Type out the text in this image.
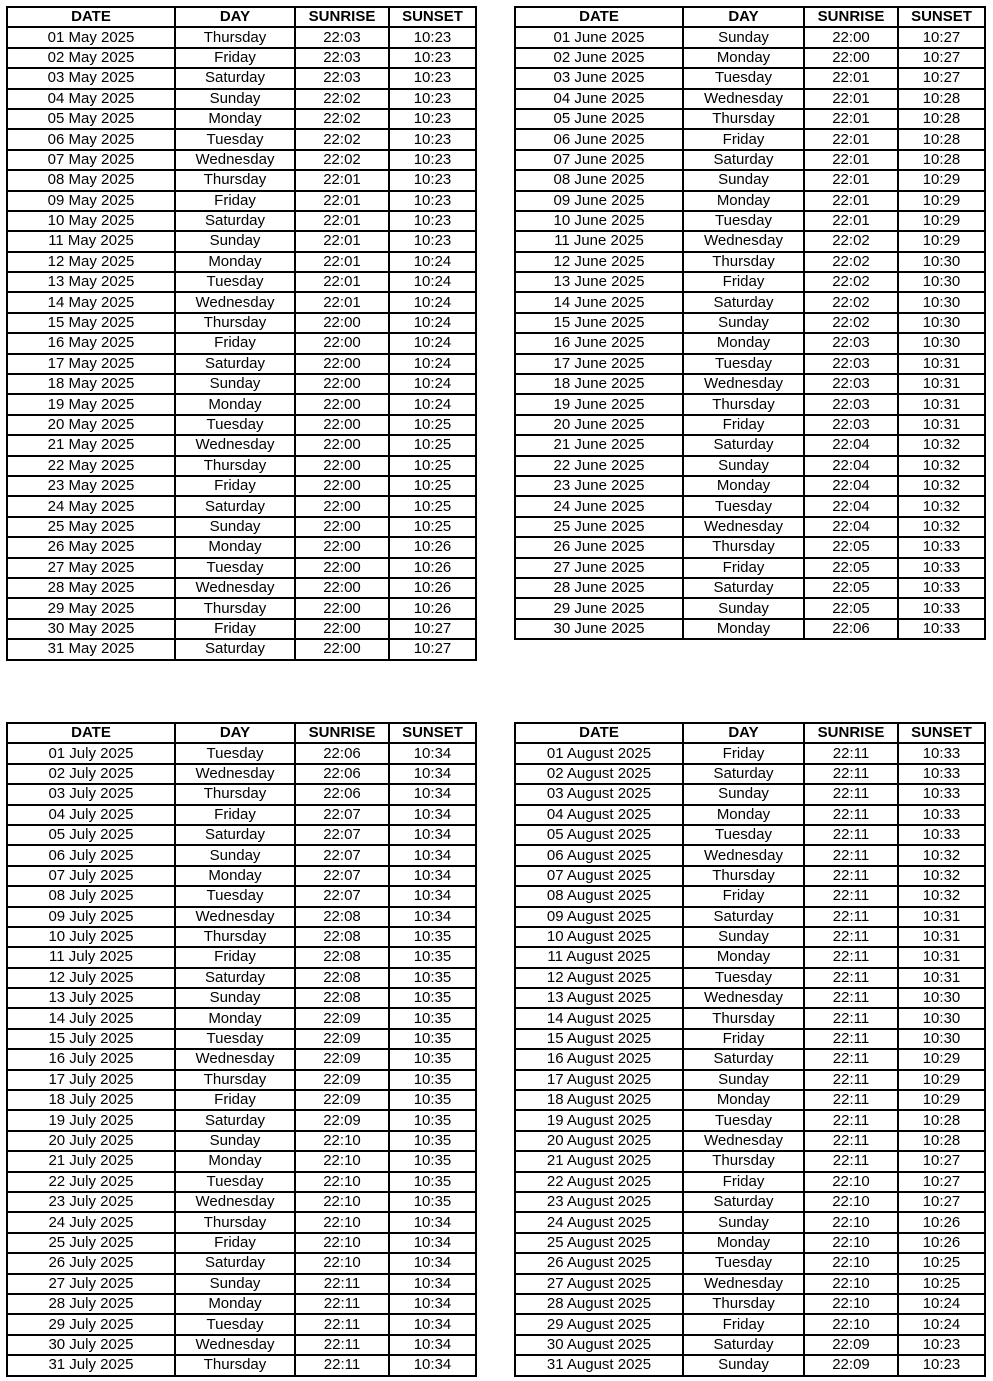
DATE	DAY	SUNRISE	SUNSET
01 May 2025	Thursday	22:03	10:23
02 May 2025	Friday	22:03	10:23
03 May 2025	Saturday	22:03	10:23
04 May 2025	Sunday	22:02	10:23
05 May 2025	Monday	22:02	10:23
06 May 2025	Tuesday	22:02	10:23
07 May 2025	Wednesday	22:02	10:23
08 May 2025	Thursday	22:01	10:23
09 May 2025	Friday	22:01	10:23
10 May 2025	Saturday	22:01	10:23
11 May 2025	Sunday	22:01	10:23
12 May 2025	Monday	22:01	10:24
13 May 2025	Tuesday	22:01	10:24
14 May 2025	Wednesday	22:01	10:24
15 May 2025	Thursday	22:00	10:24
16 May 2025	Friday	22:00	10:24
17 May 2025	Saturday	22:00	10:24
18 May 2025	Sunday	22:00	10:24
19 May 2025	Monday	22:00	10:24
20 May 2025	Tuesday	22:00	10:25
21 May 2025	Wednesday	22:00	10:25
22 May 2025	Thursday	22:00	10:25
23 May 2025	Friday	22:00	10:25
24 May 2025	Saturday	22:00	10:25
25 May 2025	Sunday	22:00	10:25
26 May 2025	Monday	22:00	10:26
27 May 2025	Tuesday	22:00	10:26
28 May 2025	Wednesday	22:00	10:26
29 May 2025	Thursday	22:00	10:26
30 May 2025	Friday	22:00	10:27
31 May 2025	Saturday	22:00	10:27
DATE	DAY	SUNRISE	SUNSET
01 June 2025	Sunday	22:00	10:27
02 June 2025	Monday	22:00	10:27
03 June 2025	Tuesday	22:01	10:27
04 June 2025	Wednesday	22:01	10:28
05 June 2025	Thursday	22:01	10:28
06 June 2025	Friday	22:01	10:28
07 June 2025	Saturday	22:01	10:28
08 June 2025	Sunday	22:01	10:29
09 June 2025	Monday	22:01	10:29
10 June 2025	Tuesday	22:01	10:29
11 June 2025	Wednesday	22:02	10:29
12 June 2025	Thursday	22:02	10:30
13 June 2025	Friday	22:02	10:30
14 June 2025	Saturday	22:02	10:30
15 June 2025	Sunday	22:02	10:30
16 June 2025	Monday	22:03	10:30
17 June 2025	Tuesday	22:03	10:31
18 June 2025	Wednesday	22:03	10:31
19 June 2025	Thursday	22:03	10:31
20 June 2025	Friday	22:03	10:31
21 June 2025	Saturday	22:04	10:32
22 June 2025	Sunday	22:04	10:32
23 June 2025	Monday	22:04	10:32
24 June 2025	Tuesday	22:04	10:32
25 June 2025	Wednesday	22:04	10:32
26 June 2025	Thursday	22:05	10:33
27 June 2025	Friday	22:05	10:33
28 June 2025	Saturday	22:05	10:33
29 June 2025	Sunday	22:05	10:33
30 June 2025	Monday	22:06	10:33
DATE	DAY	SUNRISE	SUNSET
01 July 2025	Tuesday	22:06	10:34
02 July 2025	Wednesday	22:06	10:34
03 July 2025	Thursday	22:06	10:34
04 July 2025	Friday	22:07	10:34
05 July 2025	Saturday	22:07	10:34
06 July 2025	Sunday	22:07	10:34
07 July 2025	Monday	22:07	10:34
08 July 2025	Tuesday	22:07	10:34
09 July 2025	Wednesday	22:08	10:34
10 July 2025	Thursday	22:08	10:35
11 July 2025	Friday	22:08	10:35
12 July 2025	Saturday	22:08	10:35
13 July 2025	Sunday	22:08	10:35
14 July 2025	Monday	22:09	10:35
15 July 2025	Tuesday	22:09	10:35
16 July 2025	Wednesday	22:09	10:35
17 July 2025	Thursday	22:09	10:35
18 July 2025	Friday	22:09	10:35
19 July 2025	Saturday	22:09	10:35
20 July 2025	Sunday	22:10	10:35
21 July 2025	Monday	22:10	10:35
22 July 2025	Tuesday	22:10	10:35
23 July 2025	Wednesday	22:10	10:35
24 July 2025	Thursday	22:10	10:34
25 July 2025	Friday	22:10	10:34
26 July 2025	Saturday	22:10	10:34
27 July 2025	Sunday	22:11	10:34
28 July 2025	Monday	22:11	10:34
29 July 2025	Tuesday	22:11	10:34
30 July 2025	Wednesday	22:11	10:34
31 July 2025	Thursday	22:11	10:34
DATE	DAY	SUNRISE	SUNSET
01 August 2025	Friday	22:11	10:33
02 August 2025	Saturday	22:11	10:33
03 August 2025	Sunday	22:11	10:33
04 August 2025	Monday	22:11	10:33
05 August 2025	Tuesday	22:11	10:33
06 August 2025	Wednesday	22:11	10:32
07 August 2025	Thursday	22:11	10:32
08 August 2025	Friday	22:11	10:32
09 August 2025	Saturday	22:11	10:31
10 August 2025	Sunday	22:11	10:31
11 August 2025	Monday	22:11	10:31
12 August 2025	Tuesday	22:11	10:31
13 August 2025	Wednesday	22:11	10:30
14 August 2025	Thursday	22:11	10:30
15 August 2025	Friday	22:11	10:30
16 August 2025	Saturday	22:11	10:29
17 August 2025	Sunday	22:11	10:29
18 August 2025	Monday	22:11	10:29
19 August 2025	Tuesday	22:11	10:28
20 August 2025	Wednesday	22:11	10:28
21 August 2025	Thursday	22:11	10:27
22 August 2025	Friday	22:10	10:27
23 August 2025	Saturday	22:10	10:27
24 August 2025	Sunday	22:10	10:26
25 August 2025	Monday	22:10	10:26
26 August 2025	Tuesday	22:10	10:25
27 August 2025	Wednesday	22:10	10:25
28 August 2025	Thursday	22:10	10:24
29 August 2025	Friday	22:10	10:24
30 August 2025	Saturday	22:09	10:23
31 August 2025	Sunday	22:09	10:23
